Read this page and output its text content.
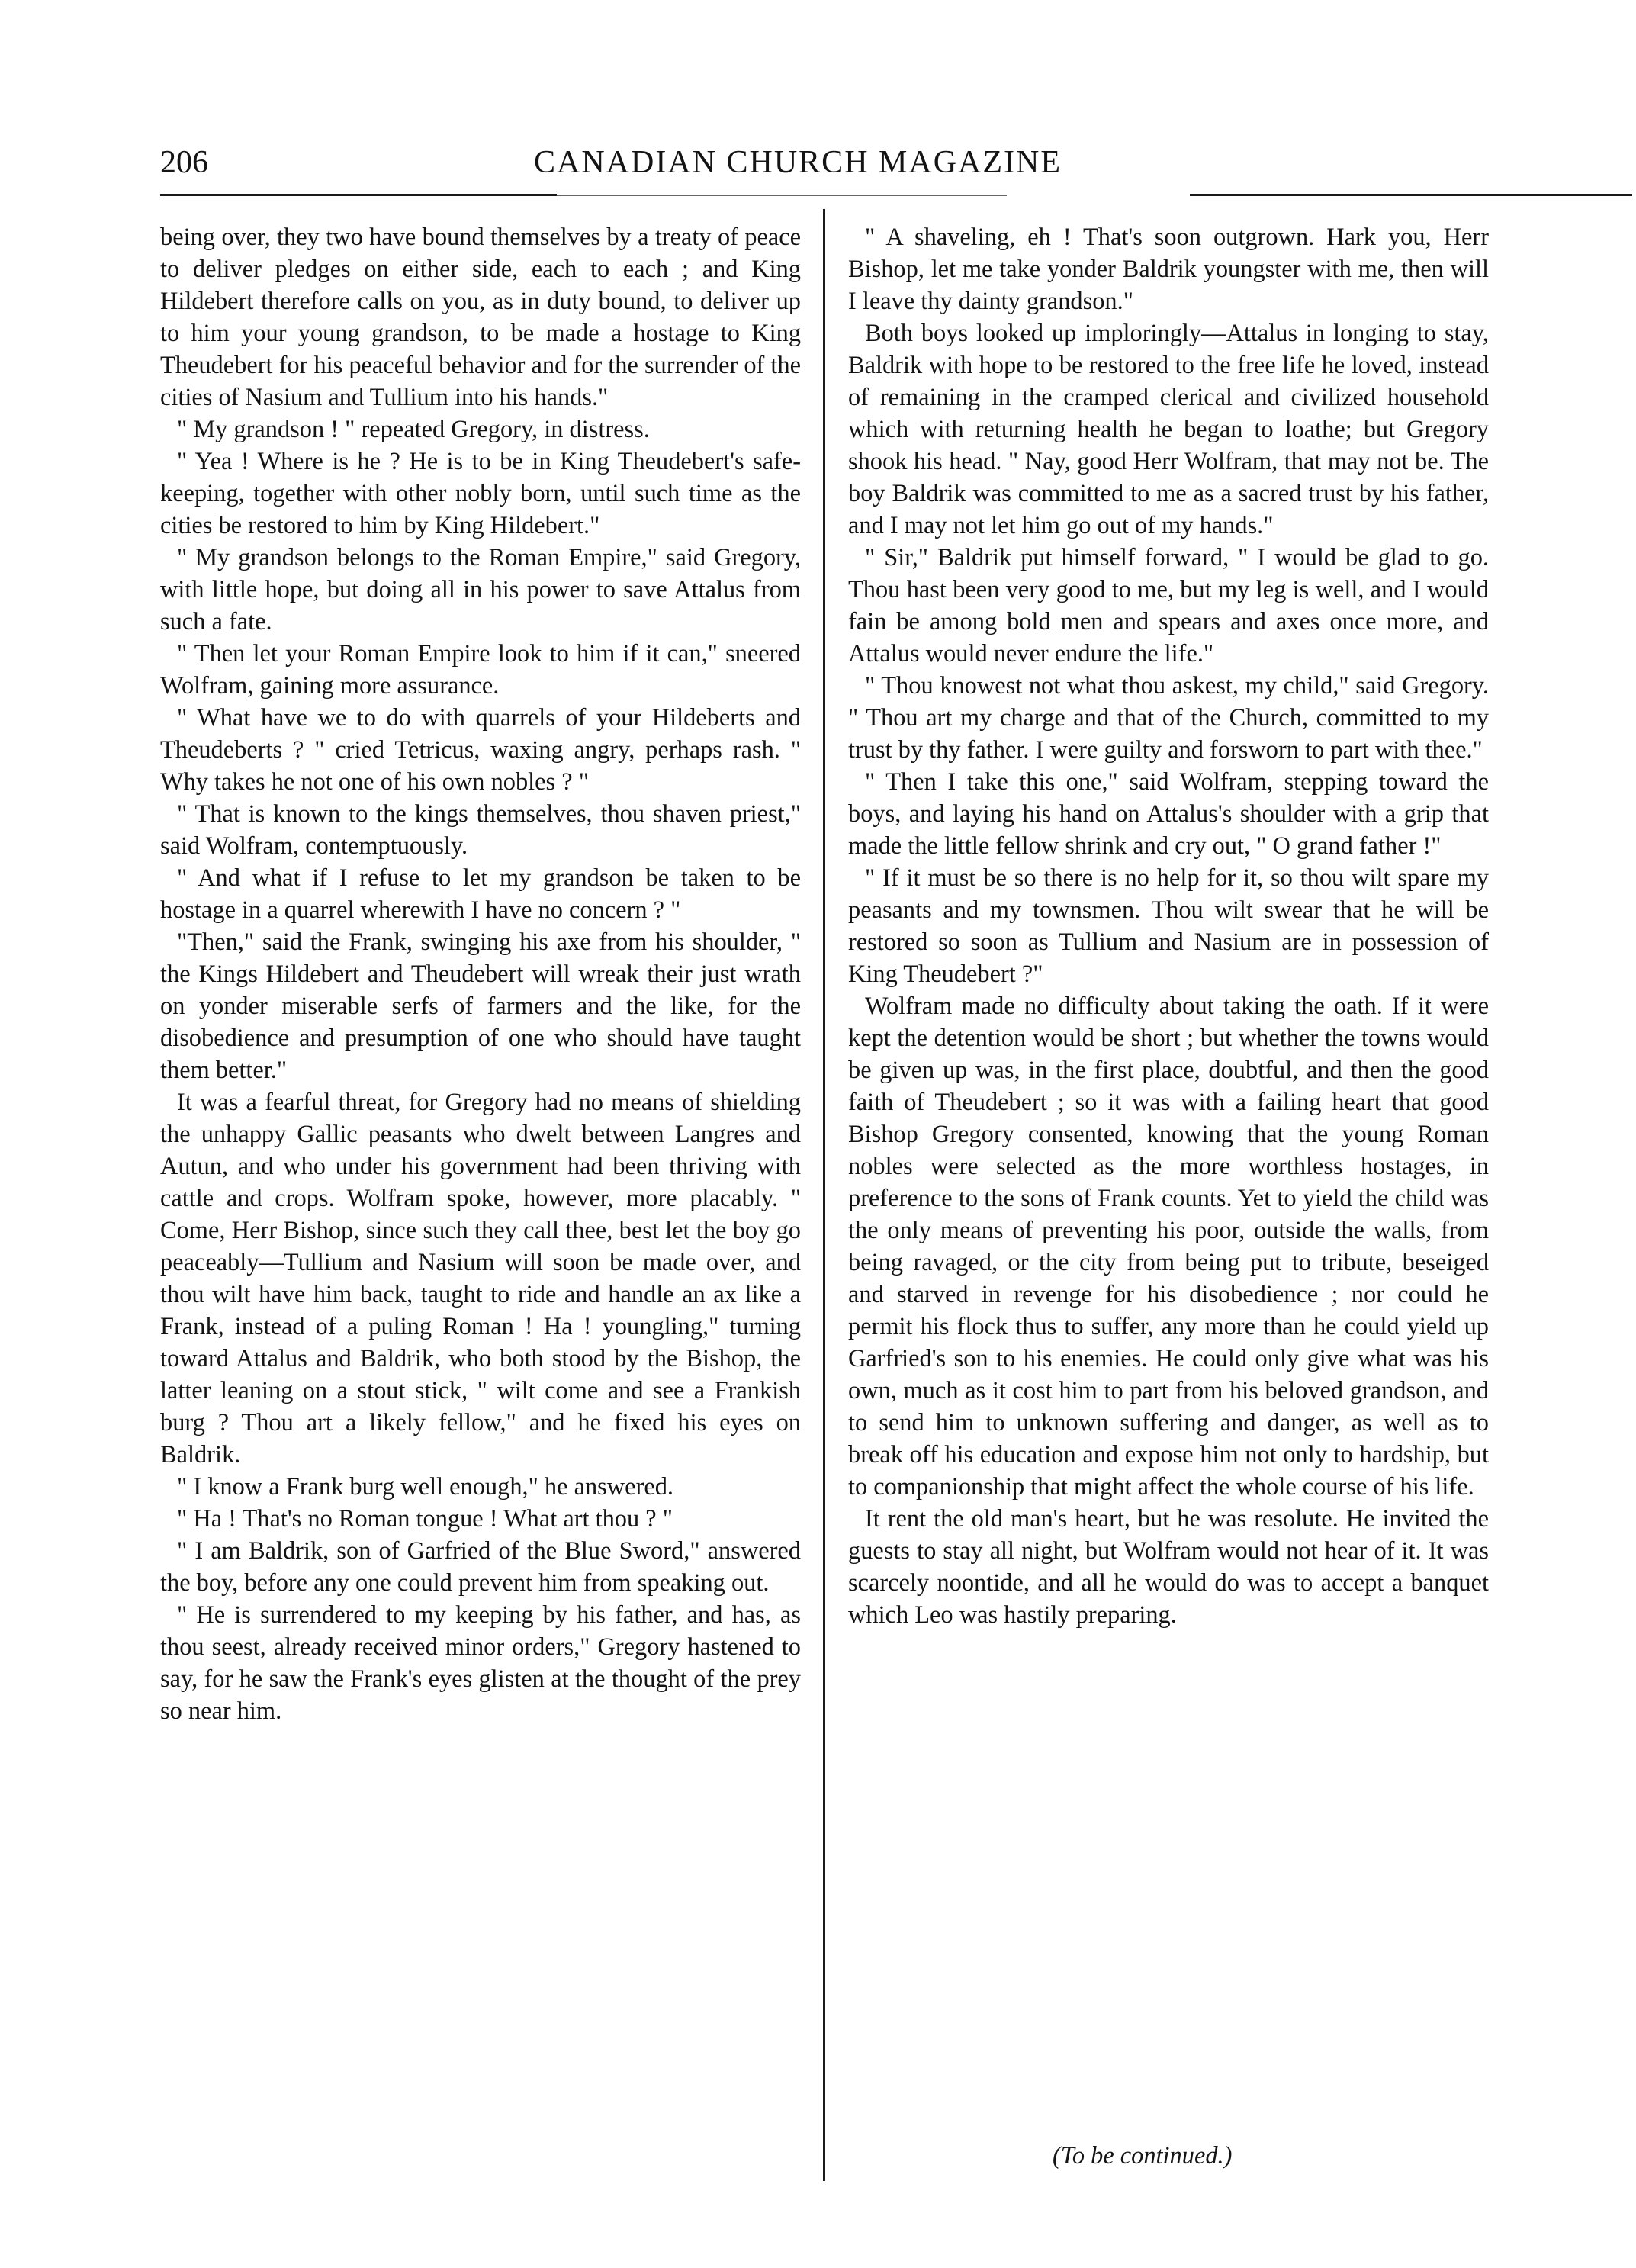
206	CANADIAN CHURCH MAGAZINE

being over, they two have bound themselves by a treaty of peace to deliver pledges on either side, each to each ; and King Hildebert therefore calls on you, as in duty bound, to deliver up to him your young grandson, to be made a hostage to King Theudebert for his peaceful behavior and for the surrender of the cities of Nasium and Tullium into his hands."

" My grandson ! " repeated Gregory, in distress.

" Yea ! Where is he ? He is to be in King Theudebert's safe-keeping, together with other nobly born, until such time as the cities be restored to him by King Hildebert."

" My grandson belongs to the Roman Empire," said Gregory, with little hope, but doing all in his power to save Attalus from such a fate.

" Then let your Roman Empire look to him if it can," sneered Wolfram, gaining more assurance.

" What have we to do with quarrels of your Hildeberts and Theudeberts ? " cried Tetricus, waxing angry, perhaps rash. " Why takes he not one of his own nobles ? "

" That is known to the kings themselves, thou shaven priest," said Wolfram, contemptuously.

" And what if I refuse to let my grandson be taken to be hostage in a quarrel wherewith I have no concern ? "

"Then," said the Frank, swinging his axe from his shoulder, " the Kings Hildebert and Theudebert will wreak their just wrath on yonder miserable serfs of farmers and the like, for the disobedience and presumption of one who should have taught them better."

It was a fearful threat, for Gregory had no means of shielding the unhappy Gallic peasants who dwelt between Langres and Autun, and who under his government had been thriving with cattle and crops. Wolfram spoke, however, more placably. " Come, Herr Bishop, since such they call thee, best let the boy go peaceably—Tullium and Nasium will soon be made over, and thou wilt have him back, taught to ride and handle an ax like a Frank, instead of a puling Roman ! Ha ! youngling," turning toward Attalus and Baldrik, who both stood by the Bishop, the latter leaning on a stout stick, " wilt come and see a Frankish burg ? Thou art a likely fellow," and he fixed his eyes on Baldrik.

" I know a Frank burg well enough," he answered.

" Ha ! That's no Roman tongue ! What art thou ? "

" I am Baldrik, son of Garfried of the Blue Sword," answered the boy, before any one could prevent him from speaking out.

" He is surrendered to my keeping by his father, and has, as thou seest, already received minor orders," Gregory hastened to say, for he saw the Frank's eyes glisten at the thought of the prey so near him.

" A shaveling, eh ! That's soon outgrown. Hark you, Herr Bishop, let me take yonder Baldrik youngster with me, then will I leave thy dainty grandson."

Both boys looked up imploringly—Attalus in longing to stay, Baldrik with hope to be restored to the free life he loved, instead of remaining in the cramped clerical and civilized household which with returning health he began to loathe; but Gregory shook his head. " Nay, good Herr Wolfram, that may not be. The boy Baldrik was committed to me as a sacred trust by his father, and I may not let him go out of my hands."

" Sir," Baldrik put himself forward, " I would be glad to go. Thou hast been very good to me, but my leg is well, and I would fain be among bold men and spears and axes once more, and Attalus would never endure the life."

" Thou knowest not what thou askest, my child," said Gregory. " Thou art my charge and that of the Church, committed to my trust by thy father. I were guilty and forsworn to part with thee."

" Then I take this one," said Wolfram, stepping toward the boys, and laying his hand on Attalus's shoulder with a grip that made the little fellow shrink and cry out, " O grand father !"

" If it must be so there is no help for it, so thou wilt spare my peasants and my townsmen. Thou wilt swear that he will be restored so soon as Tullium and Nasium are in possession of King Theudebert ?"

Wolfram made no difficulty about taking the oath. If it were kept the detention would be short ; but whether the towns would be given up was, in the first place, doubtful, and then the good faith of Theudebert ; so it was with a failing heart that good Bishop Gregory consented, knowing that the young Roman nobles were selected as the more worthless hostages, in preference to the sons of Frank counts. Yet to yield the child was the only means of preventing his poor, outside the walls, from being ravaged, or the city from being put to tribute, beseiged and starved in revenge for his disobedience ; nor could he permit his flock thus to suffer, any more than he could yield up Garfried's son to his enemies. He could only give what was his own, much as it cost him to part from his beloved grandson, and to send him to unknown suffering and danger, as well as to break off his education and expose him not only to hardship, but to companionship that might affect the whole course of his life.

It rent the old man's heart, but he was resolute. He invited the guests to stay all night, but Wolfram would not hear of it. It was scarcely noontide, and all he would do was to accept a banquet which Leo was hastily preparing.

(To be continued.)
